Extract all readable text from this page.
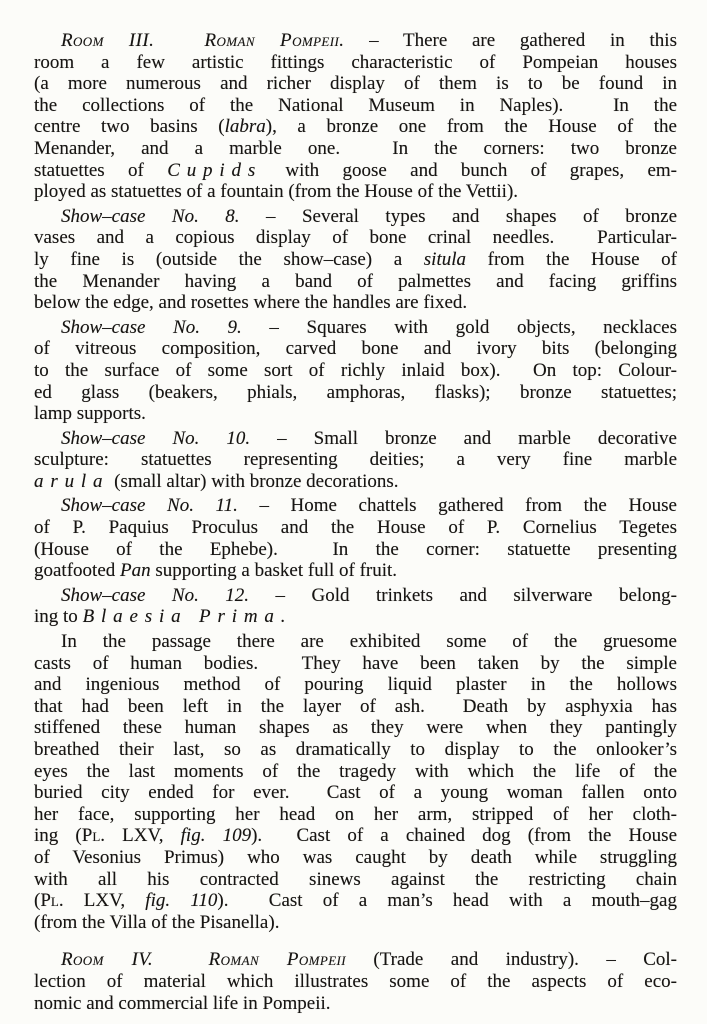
Room III.  Roman Pompeii. – There are gathered in this
room a few artistic fittings characteristic of Pompeian houses
(a more numerous and richer display of them is to be found in
the collections of the National Museum in Naples).  In the
centre two basins (labra), a bronze one from the House of the
Menander, and a marble one.  In the corners: two bronze
statuettes of Cupids with goose and bunch of grapes, em-
ployed as statuettes of a fountain (from the House of the Vettii).
Show–case No. 8. – Several types and shapes of bronze
vases and a copious display of bone crinal needles.  Particular-
ly fine is (outside the show–case) a situla from the House of
the Menander having a band of palmettes and facing griffins
below the edge, and rosettes where the handles are fixed.
Show–case No. 9. – Squares with gold objects, necklaces
of vitreous composition, carved bone and ivory bits (belonging
to the surface of some sort of richly inlaid box).  On top: Colour-
ed glass (beakers, phials, amphoras, flasks); bronze statuettes;
lamp supports.
Show–case No. 10. – Small bronze and marble decorative
sculpture: statuettes representing deities; a very fine marble
arula (small altar) with bronze decorations.
Show–case No. 11. – Home chattels gathered from the House
of P. Paquius Proculus and the House of P. Cornelius Tegetes
(House of the Ephebe).  In the corner: statuette presenting
goatfooted Pan supporting a basket full of fruit.
Show–case No. 12. – Gold trinkets and silverware belong-
ing to Blaesia Prima.
In the passage there are exhibited some of the gruesome
casts of human bodies.  They have been taken by the simple
and ingenious method of pouring liquid plaster in the hollows
that had been left in the layer of ash.  Death by asphyxia has
stiffened these human shapes as they were when they pantingly
breathed their last, so as dramatically to display to the onlooker’s
eyes the last moments of the tragedy with which the life of the
buried city ended for ever.  Cast of a young woman fallen onto
her face, supporting her head on her arm, stripped of her cloth-
ing (Pl. LXV, fig. 109).  Cast of a chained dog (from the House
of Vesonius Primus) who was caught by death while struggling
with all his contracted sinews against the restricting chain
(Pl. LXV, fig. 110).  Cast of a man’s head with a mouth–gag
(from the Villa of the Pisanella).
Room IV.  Roman Pompeii (Trade and industry). – Col-
lection of material which illustrates some of the aspects of eco-
nomic and commercial life in Pompeii.
